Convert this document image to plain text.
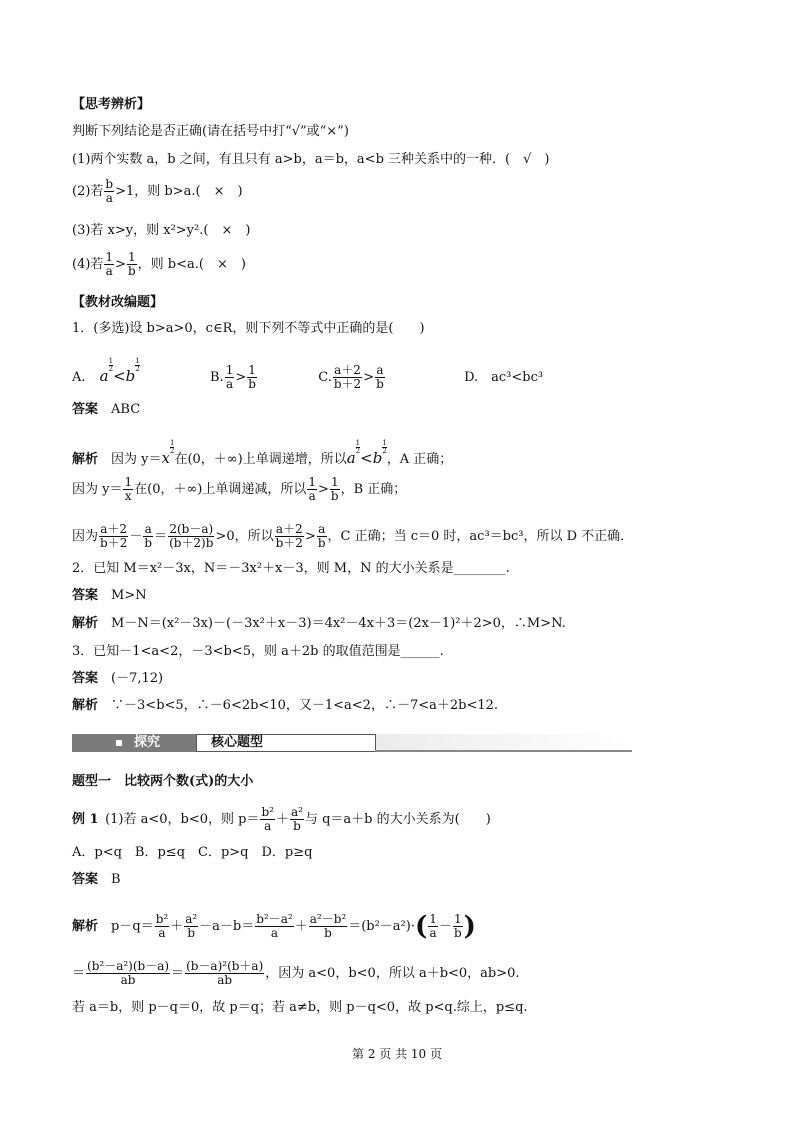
【思考辨析】
判断下列结论是否正确(请在括号中打“√”或“×”)
(1)两个实数 a，b 之间，有且只有 a>b，a＝b，a<b 三种关系中的一种．(　√　)
(2)若 $\frac{b}{a} >1$，则 b>a.(　×　)
(3)若 x>y，则 x²>y².(　×　)
(4)若 $\frac{1}{a} > \frac{1}{b}$ ，则 b<a.(　×　)
【教材改编题】
1．(多选)设 b>a>0，c∈R，则下列不等式中正确的是(　　)
A. a
$\frac{1}{2}$
<b
$\frac{1}{2}$
B. $\frac{1}{a} > \frac{1}{b}$	C. $\frac{a+2}{b+2} > \frac{a}{b}$	D.　ac³<bc³
答案　 ABC
解析　 因为 y＝x
$\frac{1}{2}$
在(0，＋∞)上单调递增，所以a
$\frac{1}{2}$
<b
$\frac{1}{2}$
，A 正确；
因为 $y= \frac{1}{x}$ 在(0，＋∞)上单调递减，所以 $\frac{1}{a} > \frac{1}{b}$ ，B 正确；
因为 $\frac{a+2}{b+2} - \frac{a}{b} = \frac{2(b-a)}{(b+2)b} >0$，所以 $\frac{a+2}{b+2} > \frac{a}{b}$ ，C 正确；当 c＝0 时，ac³＝bc³，所以 D 不正确．
2．已知 M＝x²－3x，N＝－3x²＋x－3，则 M，N 的大小关系是________.
答案　 M>N
解析　 M－N＝(x²－3x)－(－3x²＋x－3)＝4x²－4x＋3＝(2x－1)²＋2>0，∴M>N.
3．已知－1<a<2，－3<b<5，则 a＋2b 的取值范围是______.
答案　 (－7,12)
解析　 ∵－3<b<5，∴－6<2b<10，又－1<a<2，∴－7<a＋2b<12.
探究	核心题型
题型一　比较两个数(式)的大小
例 1  (1)若 a<0，b<0，则 $p= \frac{\text{b²}}{a} + \frac{\text{a²}}{b}$ 与 q＝a＋b 的大小关系为(　　)
A．p<q　B．p≤q　C．p>q　D．p≥q
答案　 B
解析　 $p-q= \frac{\text{b²}}{a} + \frac{\text{a²}}{b} -a-b= \frac{\text{b²－a²}}{a} + \frac{\text{a²－b²}}{b} =(b^2-a^2)\cdot( \frac{1}{a} - \frac{1}{b}$ )
＝ $\frac{\text{(b²－a²)(b－a)}}{ab} = \frac{\text{(b－a)²(b＋a)}}{ab}$ ，因为 a<0，b<0，所以 a＋b<0，ab>0.
若 a＝b，则 p－q＝0，故 p＝q；若 a≠b，则 p－q<0，故 p<q.综上，p≤q.
第 2 页 共 10 页
